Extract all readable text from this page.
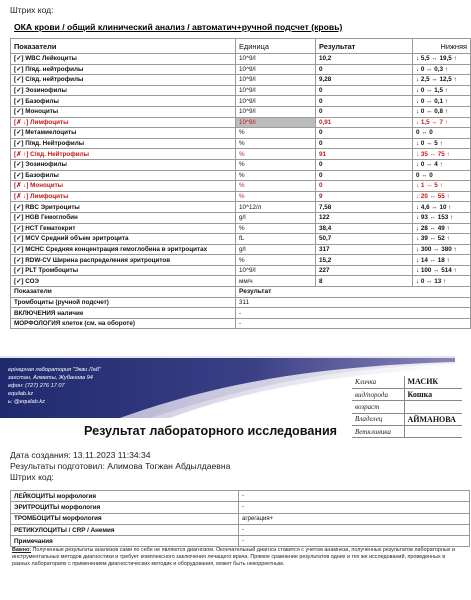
Штрих код:
ОКА крови / общий клинический анализ / автоматич+ручной подсчет (кровь)
Показатели	Единица	Результат	Нижняя
[✓] WBC Лейкоциты	10^9/l	10,2	↓ 5,5 ↔ 19,5 ↑
[✓] П/яд. нейтрофилы	10^9/l	0	↓ 0 ↔ 0,3 ↑
[✓] С/яд. нейтрофилы	10^9/l	9,28	↓ 2,5 ↔ 12,5 ↑
[✓] Эозинофилы	10^9/l	0	↓ 0 ↔ 1,5 ↑
[✓] Базофилы	10^9/l	0	↓ 0 ↔ 0,1 ↑
[✓] Моноциты	10^9/l	0	↓ 0 ↔ 0,8 ↑
[✗ ↓] Лимфоциты	10^9/l	0,91	↓ 1,5 ↔ 7 ↑
[✓] Метамиелоциты	%	0	0 ↔ 0
[✓] П/яд. Нейтрофилы	%	0	↓ 0 ↔ 5 ↑
[✗ ↑] С/яд. Нейтрофилы	%	91	↓ 35 ↔ 75 ↑
[✓] Эозинофилы	%	0	↓ 0 ↔ 4 ↑
[✓] Базофилы	%	0	0 ↔ 0
[✗ ↓] Моноциты	%	0	↓ 1 ↔ 5 ↑
[✗ ↓] Лимфоциты	%	9	↓ 20 ↔ 55 ↑
[✓] RBC Эритроциты	10^12/л	7,58	↓ 4,6 ↔ 10 ↑
[✓] HGB Гемоглобин	g/l	122	↓ 93 ↔ 153 ↑
[✓] HCT Гематокрит	%	38,4	↓ 28 ↔ 49 ↑
[✓] MCV Средний объем эритроцита	fL	50,7	↓ 39 ↔ 52 ↑
[✓] MCHC Средняя концентрация гемоглобина в эритроцитах	g/l	317	↓ 300 ↔ 380 ↑
[✓] RDW-CV Ширина распределения эритроцитов	%	15,2	↓ 14 ↔ 18 ↑
[✓] PLT Тромбоциты	10^9/l	227	↓ 100 ↔ 514 ↑
[✓] СОЭ	мм/ч	8	↓ 0 ↔ 13 ↑
Показатели	Результат		
Тромбоциты (ручной подсчет)	311		
ВКЛЮЧЕНИЯ наличие	-		
МОРФОЛОГИЯ клеток (см. на обороте)	-		
ерінарная лаборатория "Экви Лаб"
захстан, Алматы, Жубанова 94
ефон: (727) 276 17 07
equilab.kz
ь: @equilab.kz
Кличка	МАСИК
вид/порода	Кошка
возраст	
Владелец	АЙМАНОВА
Ветклиника	
Результат лабораторного исследования
Дата создания: 13.11.2023 11:34:34
Результаты подготовил: Алимова Тогжан Абдылдаевна
Штрих код:
ЛЕЙКОЦИТЫ морфология	-
ЭРИТРОЦИТЫ морфология	-
ТРОМБОЦИТЫ морфология	агрегация+
РЕТИКУЛОЦИТЫ / CRP / Анемия	-
Примечания	-
Важно: Полученные результаты анализов сами по себе не являются диагнозом. Окончательный диагноз ставится с учетом анамнеза, полученных результатов лабораторных и инструментальных методов диагностики и требует комплексного заключения лечащего врача. Прямое сравнение результатов одних и тех же исследований, проведенных в разных лабораториях с применением диагностических методик и оборудования, может быть некорректным.
